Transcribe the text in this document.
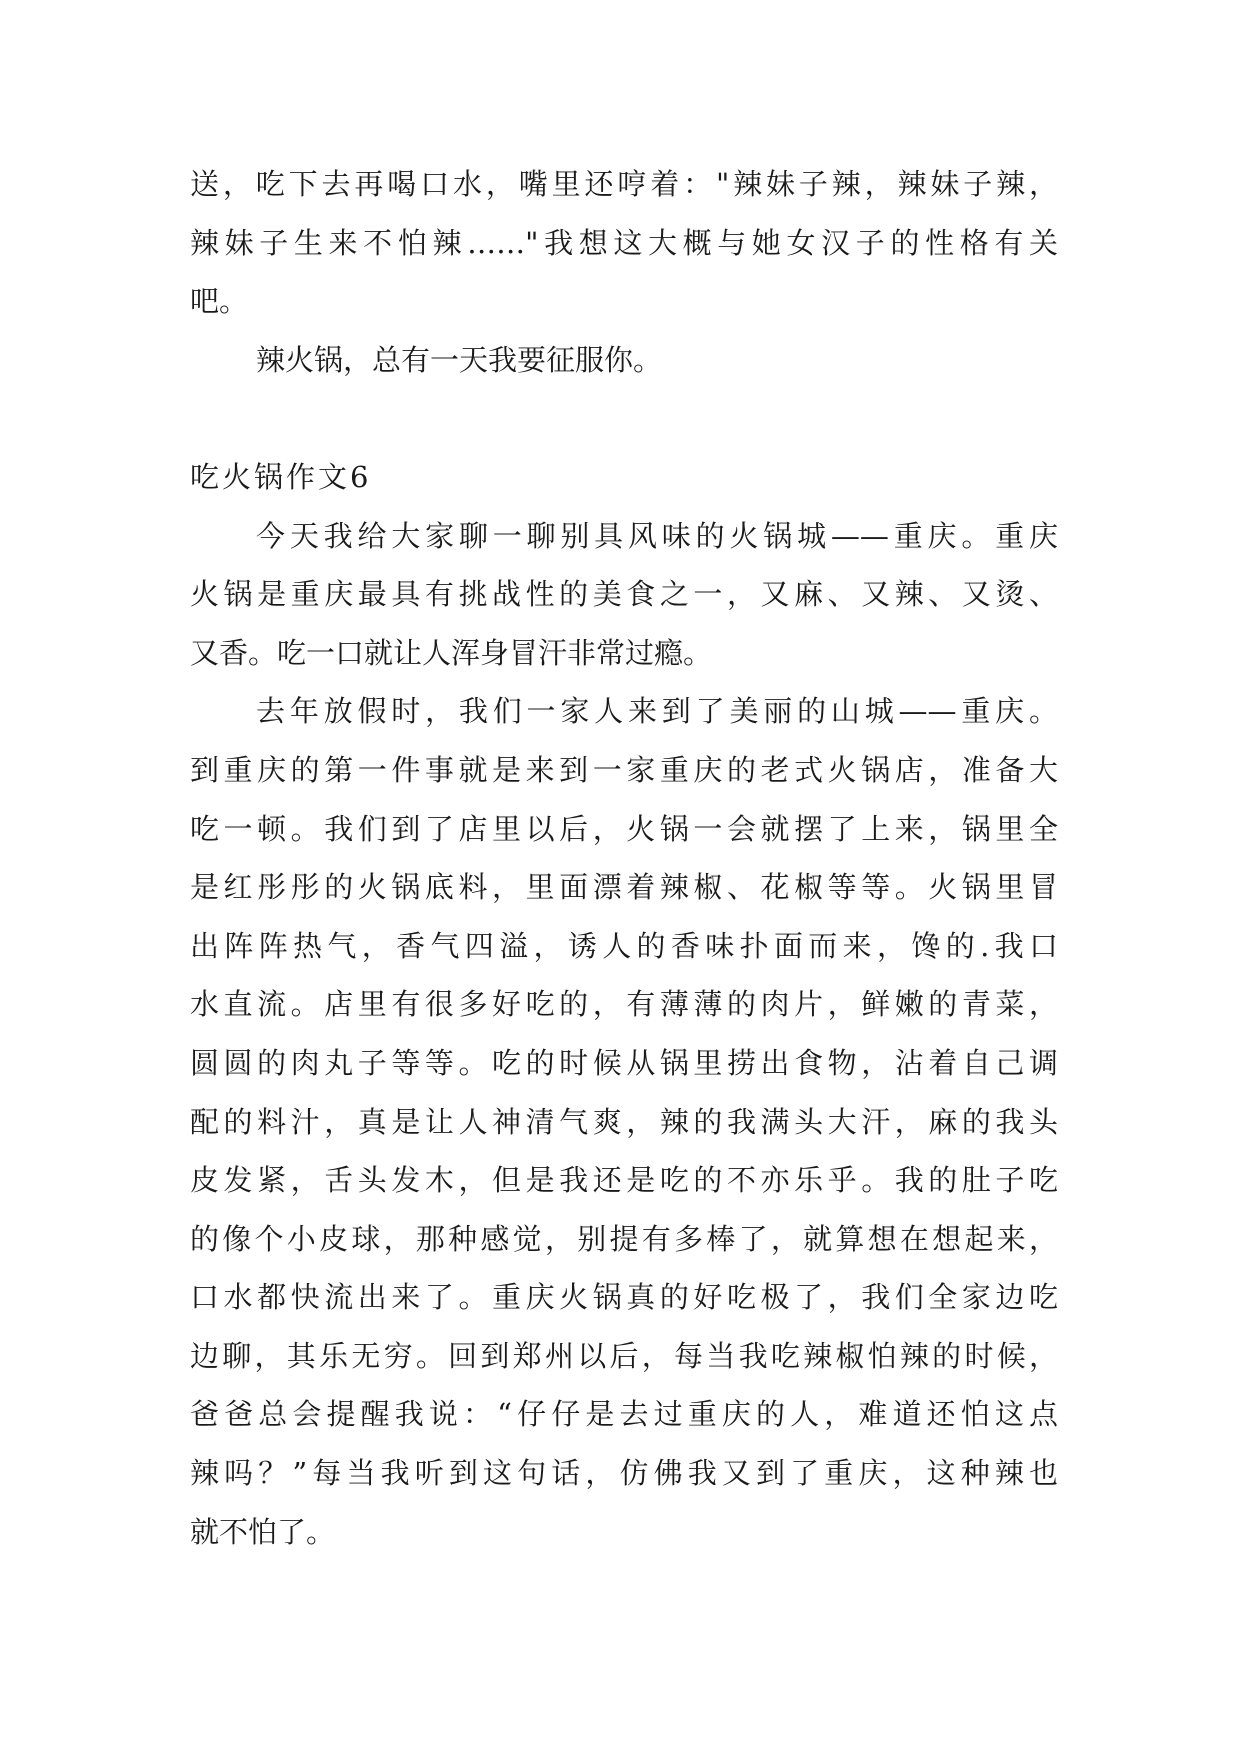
送，吃下去再喝口水，嘴里还哼着："辣妹子辣，辣妹子辣，
辣妹子生来不怕辣……"我想这大概与她女汉子的性格有关
吧。
辣火锅，总有一天我要征服你。
吃火锅作文6
今天我给大家聊一聊别具风味的火锅城——重庆。重庆
火锅是重庆最具有挑战性的美食之一，又麻、又辣、又烫、
又香。吃一口就让人浑身冒汗非常过瘾。
去年放假时，我们一家人来到了美丽的山城——重庆。
到重庆的第一件事就是来到一家重庆的老式火锅店，准备大
吃一顿。我们到了店里以后，火锅一会就摆了上来，锅里全
是红彤彤的火锅底料，里面漂着辣椒、花椒等等。火锅里冒
出阵阵热气，香气四溢，诱人的香味扑面而来，馋的.我口
水直流。店里有很多好吃的，有薄薄的肉片，鲜嫩的青菜，
圆圆的肉丸子等等。吃的时候从锅里捞出食物，沾着自己调
配的料汁，真是让人神清气爽，辣的我满头大汗，麻的我头
皮发紧，舌头发木，但是我还是吃的不亦乐乎。我的肚子吃
的像个小皮球，那种感觉，别提有多棒了，就算想在想起来，
口水都快流出来了。重庆火锅真的好吃极了，我们全家边吃
边聊，其乐无穷。回到郑州以后，每当我吃辣椒怕辣的时候，
爸爸总会提醒我说：“仔仔是去过重庆的人，难道还怕这点
辣吗？”每当我听到这句话，仿佛我又到了重庆，这种辣也
就不怕了。
